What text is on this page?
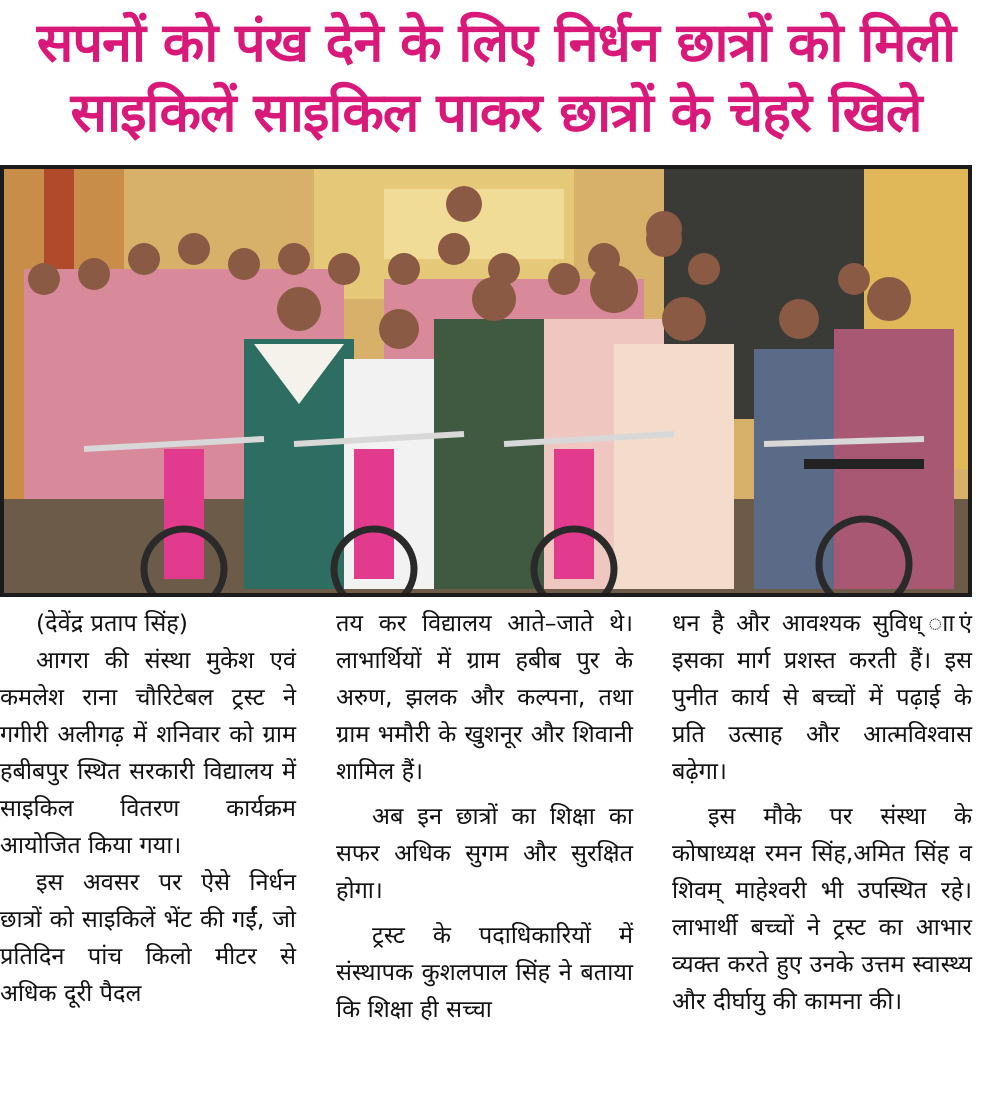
सपनों को पंख देने के लिए निर्धन छात्रों को मिली
साइकिलें साइकिल पाकर छात्रों के चेहरे खिले

(देवेंद्र प्रताप सिंह)

आगरा की संस्था मुकेश एवं कमलेश राना चौरिटेबल ट्रस्ट ने गगीरी अलीगढ़ में शनिवार को ग्राम हबीबपुर स्थित सरकारी विद्यालय में साइकिल वितरण कार्यक्रम आयोजित किया गया।

इस अवसर पर ऐसे निर्धन छात्रों को साइकिलें भेंट की गईं, जो प्रतिदिन पांच किलो मीटर से अधिक दूरी पैदल

तय कर विद्यालय आते–जाते थे। लाभार्थियों में ग्राम हबीब पुर के अरुण, झलक और कल्पना, तथा ग्राम भमौरी के खुशनूर और शिवानी शामिल हैं।

अब इन छात्रों का शिक्षा का सफर अधिक सुगम और सुरक्षित होगा।

ट्रस्ट के पदाधिकारियों में संस्थापक कुशलपाल सिंह ने बताया कि शिक्षा ही सच्चा

धन है और आवश्यक सुविध् ााएं इसका मार्ग प्रशस्त करती हैं। इस पुनीत कार्य से बच्चों में पढ़ाई के प्रति उत्साह और आत्मविश्वास बढ़ेगा।

इस मौके पर संस्था के कोषाध्यक्ष रमन सिंह,अमित सिंह व शिवम् माहेश्वरी भी उपस्थित रहे। लाभार्थी बच्चों ने ट्रस्ट का आभार व्यक्त करते हुए उनके उत्तम स्वास्थ्य और दीर्घायु की कामना की।
